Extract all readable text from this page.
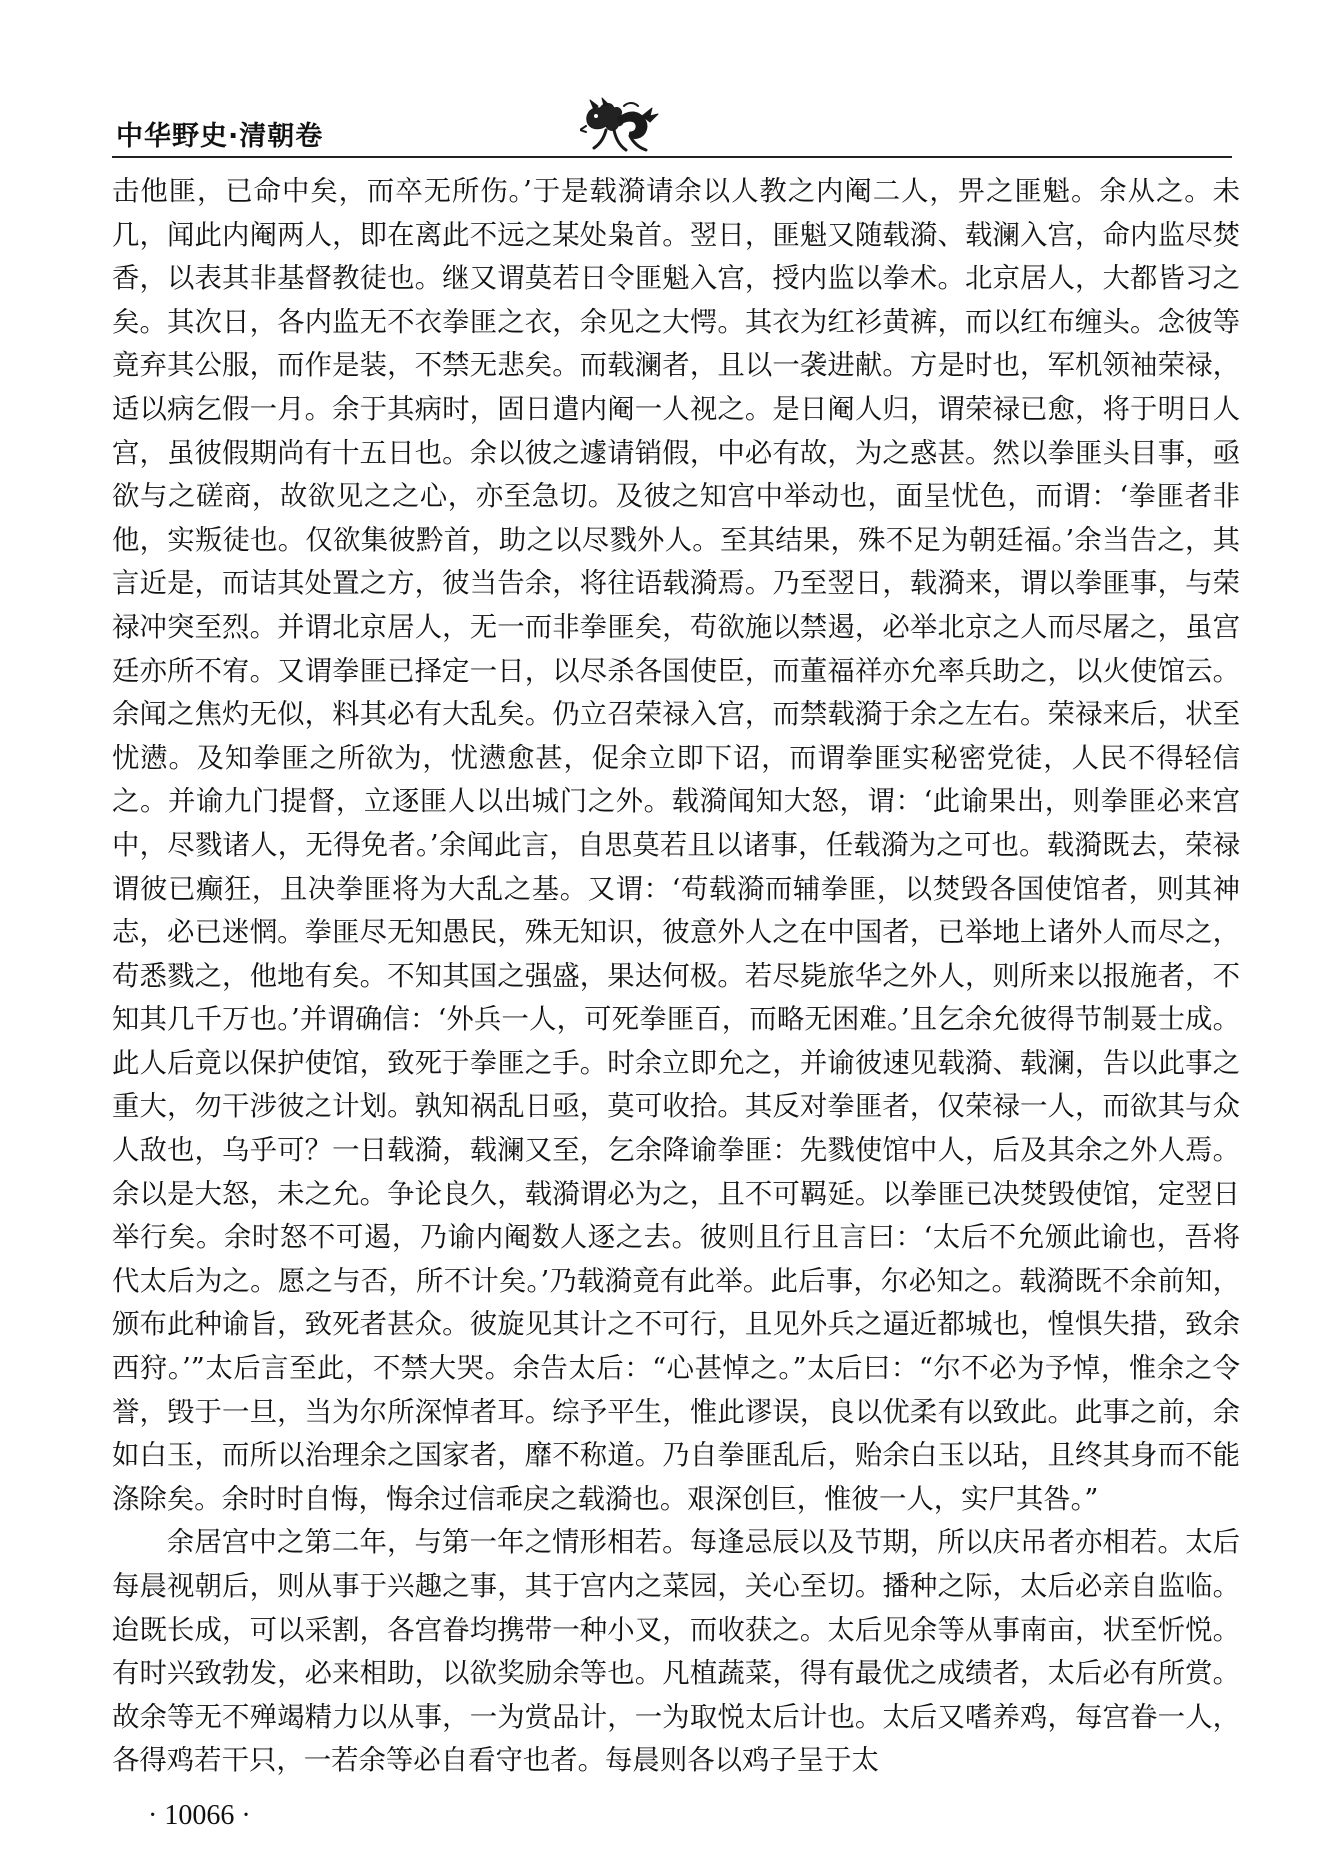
中华野史·清朝卷

击他匪，已命中矣，而卒无所伤。’于是载漪请余以人教之内阉二人，畀之匪魁。余从之。未几，闻此内阉两人，即在离此不远之某处枭首。翌日，匪魁又随载漪、载澜入宫，命内监尽焚香，以表其非基督教徒也。继又谓莫若日令匪魁入宫，授内监以拳术。北京居人，大都皆习之矣。其次日，各内监无不衣拳匪之衣，余见之大愕。其衣为红衫黄裤，而以红布缠头。念彼等竟弃其公服，而作是装，不禁无悲矣。而载澜者，且以一袭进献。方是时也，军机领袖荣禄，适以病乞假一月。余于其病时，固日遣内阉一人视之。是日阉人归，谓荣禄已愈，将于明日人宫，虽彼假期尚有十五日也。余以彼之遽请销假，中必有故，为之惑甚。然以拳匪头目事，亟欲与之磋商，故欲见之之心，亦至急切。及彼之知宫中举动也，面呈忧色，而谓：‘拳匪者非他，实叛徒也。仅欲集彼黔首，助之以尽戮外人。至其结果，殊不足为朝廷福。’余当告之，其言近是，而诘其处置之方，彼当告余，将往语载漪焉。乃至翌日，载漪来，谓以拳匪事，与荣禄冲突至烈。并谓北京居人，无一而非拳匪矣，苟欲施以禁遏，必举北京之人而尽屠之，虽宫廷亦所不宥。又谓拳匪已择定一日，以尽杀各国使臣，而董福祥亦允率兵助之，以火使馆云。余闻之焦灼无似，料其必有大乱矣。仍立召荣禄入宫，而禁载漪于余之左右。荣禄来后，状至忧懑。及知拳匪之所欲为，忧懑愈甚，促余立即下诏，而谓拳匪实秘密党徒，人民不得轻信之。并谕九门提督，立逐匪人以出城门之外。载漪闻知大怒，谓：‘此谕果出，则拳匪必来宫中，尽戮诸人，无得免者。’余闻此言，自思莫若且以诸事，任载漪为之可也。载漪既去，荣禄谓彼已癫狂，且决拳匪将为大乱之基。又谓：‘苟载漪而辅拳匪，以焚毁各国使馆者，则其神志，必已迷惘。拳匪尽无知愚民，殊无知识，彼意外人之在中国者，已举地上诸外人而尽之，苟悉戮之，他地有矣。不知其国之强盛，果达何极。若尽毙旅华之外人，则所来以报施者，不知其几千万也。’并谓确信：‘外兵一人，可死拳匪百，而略无困难。’且乞余允彼得节制聂士成。此人后竟以保护使馆，致死于拳匪之手。时余立即允之，并谕彼速见载漪、载澜，告以此事之重大，勿干涉彼之计划。孰知祸乱日亟，莫可收拾。其反对拳匪者，仅荣禄一人，而欲其与众人敌也，乌乎可？一日载漪，载澜又至，乞余降谕拳匪：先戮使馆中人，后及其余之外人焉。余以是大怒，未之允。争论良久，载漪谓必为之，且不可羁延。以拳匪已决焚毁使馆，定翌日举行矣。余时怒不可遏，乃谕内阉数人逐之去。彼则且行且言曰：‘太后不允颁此谕也，吾将代太后为之。愿之与否，所不计矣。’乃载漪竟有此举。此后事，尔必知之。载漪既不余前知，颁布此种谕旨，致死者甚众。彼旋见其计之不可行，且见外兵之逼近都城也，惶惧失措，致余西狩。’”太后言至此，不禁大哭。余告太后：“心甚悼之。”太后曰：“尔不必为予悼，惟余之令誉，毁于一旦，当为尔所深悼者耳。综予平生，惟此谬误，良以优柔有以致此。此事之前，余如白玉，而所以治理余之国家者，靡不称道。乃自拳匪乱后，贻余白玉以玷，且终其身而不能涤除矣。余时时自悔，悔余过信乖戾之载漪也。艰深创巨，惟彼一人，实尸其咎。”

余居宫中之第二年，与第一年之情形相若。每逢忌辰以及节期，所以庆吊者亦相若。太后每晨视朝后，则从事于兴趣之事，其于宫内之菜园，关心至切。播种之际，太后必亲自监临。迨既长成，可以采割，各宫眷均携带一种小叉，而收获之。太后见余等从事南亩，状至忻悦。有时兴致勃发，必来相助，以欲奖励余等也。凡植蔬菜，得有最优之成绩者，太后必有所赏。故余等无不殚竭精力以从事，一为赏品计，一为取悦太后计也。太后又嗜养鸡，每宫眷一人，各得鸡若干只，一若余等必自看守也者。每晨则各以鸡子呈于太

· 10066 ·
